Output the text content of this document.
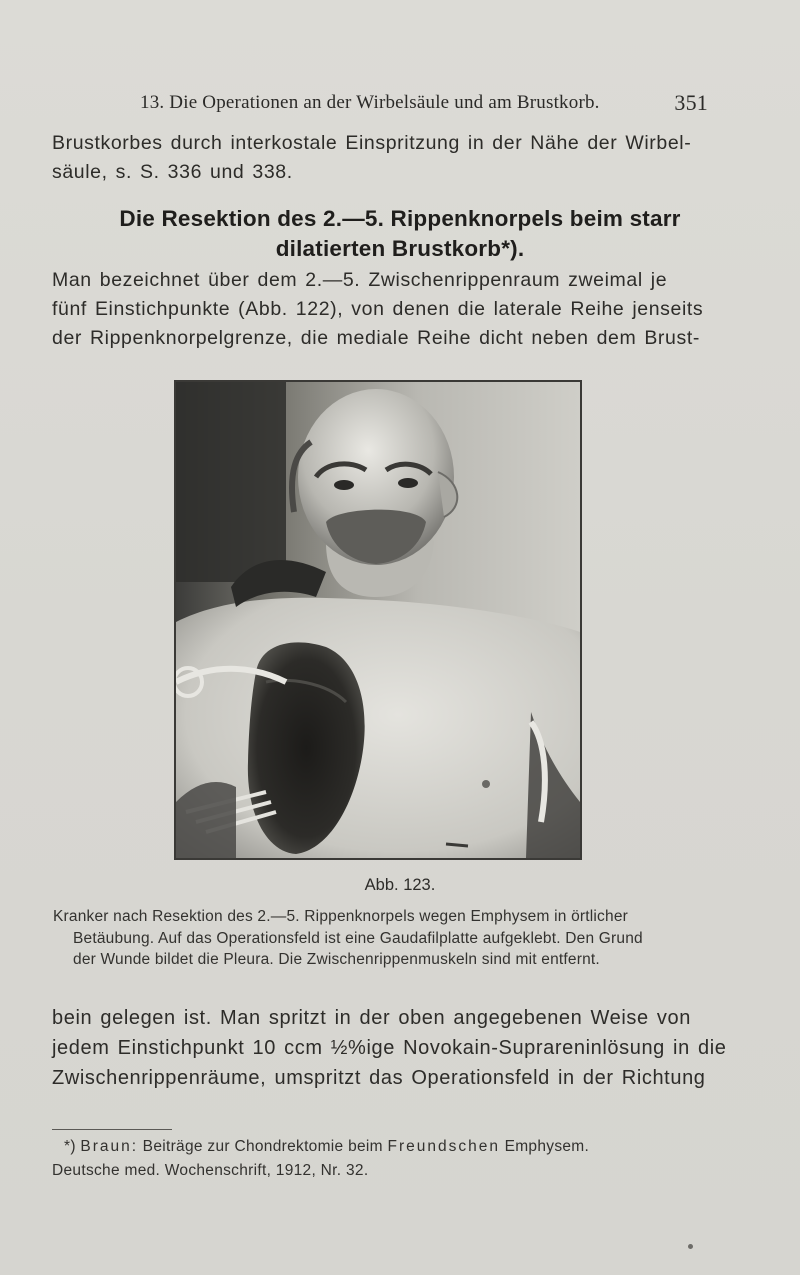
13. Die Operationen an der Wirbelsäule und am Brustkorb.	351
Brustkorbes durch interkostale Einspritzung in der Nähe der Wirbel-
säule, s. S. 336 und 338.
Die Resektion des 2.—5. Rippenknorpels beim starr
dilatierten Brustkorb*).
Man bezeichnet über dem 2.—5. Zwischenrippenraum zweimal je
fünf Einstichpunkte (Abb. 122), von denen die laterale Reihe jenseits
der Rippenknorpelgrenze, die mediale Reihe dicht neben dem Brust-
Abb. 123.
Kranker nach Resektion des 2.—5. Rippenknorpels wegen Emphysem in örtlicher
Betäubung. Auf das Operationsfeld ist eine Gaudafilplatte aufgeklebt. Den Grund
der Wunde bildet die Pleura. Die Zwischenrippenmuskeln sind mit entfernt.
bein gelegen ist. Man spritzt in der oben angegebenen Weise von
jedem Einstichpunkt 10 ccm ½%ige Novokain-Suprareninlösung in die
Zwischenrippenräume, umspritzt das Operationsfeld in der Richtung
*) Braun: Beiträge zur Chondrektomie beim Freundschen Emphysem.
Deutsche med. Wochenschrift, 1912, Nr. 32.
